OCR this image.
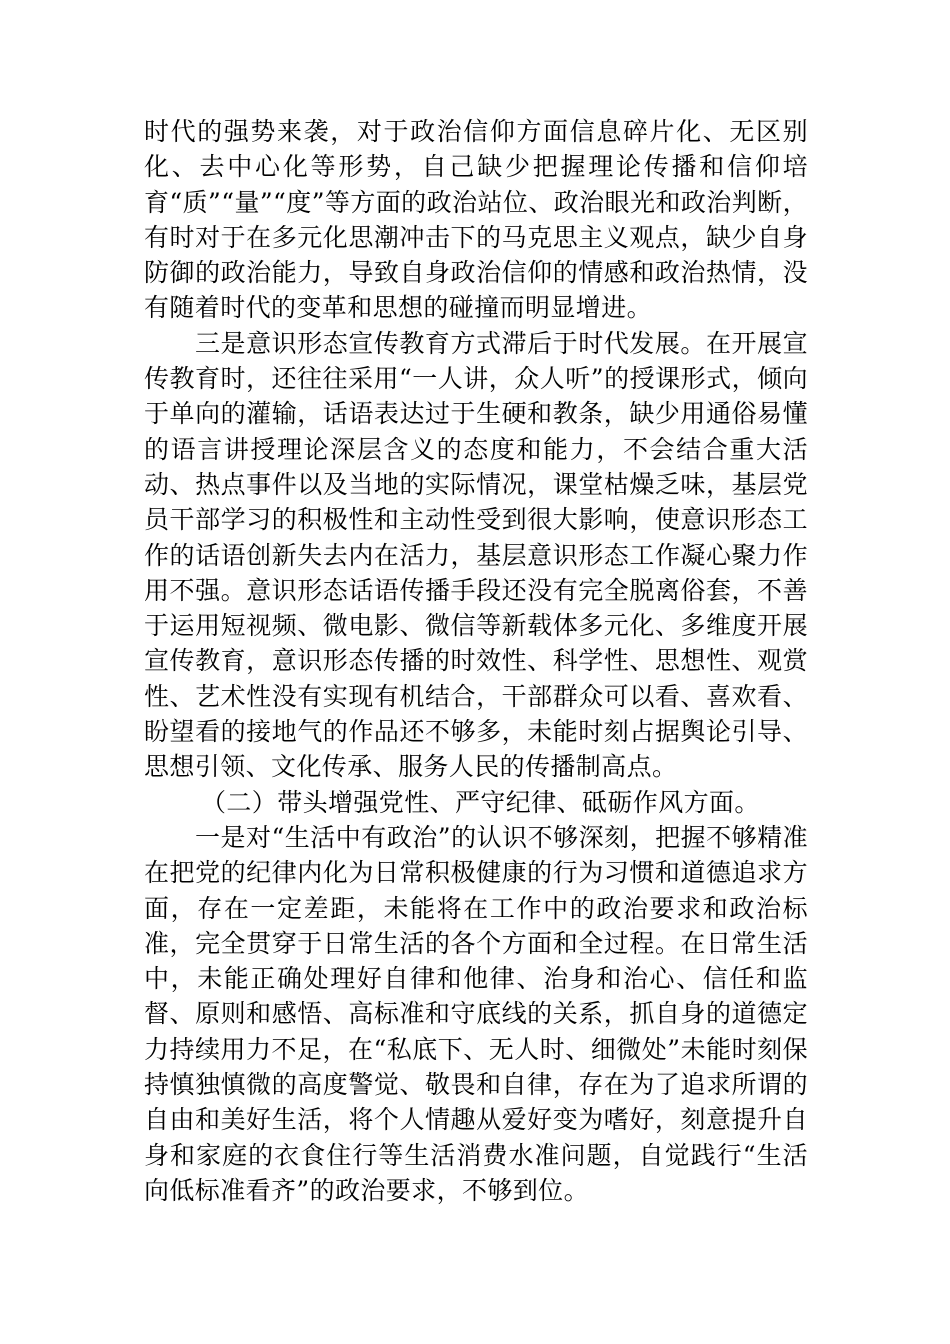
时代的强势来袭，对于政治信仰方面信息碎片化、无区别化、去中心化等形势，自己缺少把握理论传播和信仰培育“质”“量”“度”等方面的政治站位、政治眼光和政治判断，有时对于在多元化思潮冲击下的马克思主义观点，缺少自身防御的政治能力，导致自身政治信仰的情感和政治热情，没有随着时代的变革和思想的碰撞而明显增进。

三是意识形态宣传教育方式滞后于时代发展。在开展宣传教育时，还往往采用“一人讲，众人听”的授课形式，倾向于单向的灌输，话语表达过于生硬和教条，缺少用通俗易懂的语言讲授理论深层含义的态度和能力，不会结合重大活动、热点事件以及当地的实际情况，课堂枯燥乏味，基层党员干部学习的积极性和主动性受到很大影响，使意识形态工作的话语创新失去内在活力，基层意识形态工作凝心聚力作用不强。意识形态话语传播手段还没有完全脱离俗套，不善于运用短视频、微电影、微信等新载体多元化、多维度开展宣传教育，意识形态传播的时效性、科学性、思想性、观赏性、艺术性没有实现有机结合，干部群众可以看、喜欢看、盼望看的接地气的作品还不够多，未能时刻占据舆论引导、思想引领、文化传承、服务人民的传播制高点。

（二）带头增强党性、严守纪律、砥砺作风方面。

一是对“生活中有政治”的认识不够深刻，把握不够精准在把党的纪律内化为日常积极健康的行为习惯和道德追求方面，存在一定差距，未能将在工作中的政治要求和政治标准，完全贯穿于日常生活的各个方面和全过程。在日常生活中，未能正确处理好自律和他律、治身和治心、信任和监督、原则和感悟、高标准和守底线的关系，抓自身的道德定力持续用力不足，在“私底下、无人时、细微处”未能时刻保持慎独慎微的高度警觉、敬畏和自律，存在为了追求所谓的自由和美好生活，将个人情趣从爱好变为嗜好，刻意提升自身和家庭的衣食住行等生活消费水准问题，自觉践行“生活向低标准看齐”的政治要求，不够到位。
